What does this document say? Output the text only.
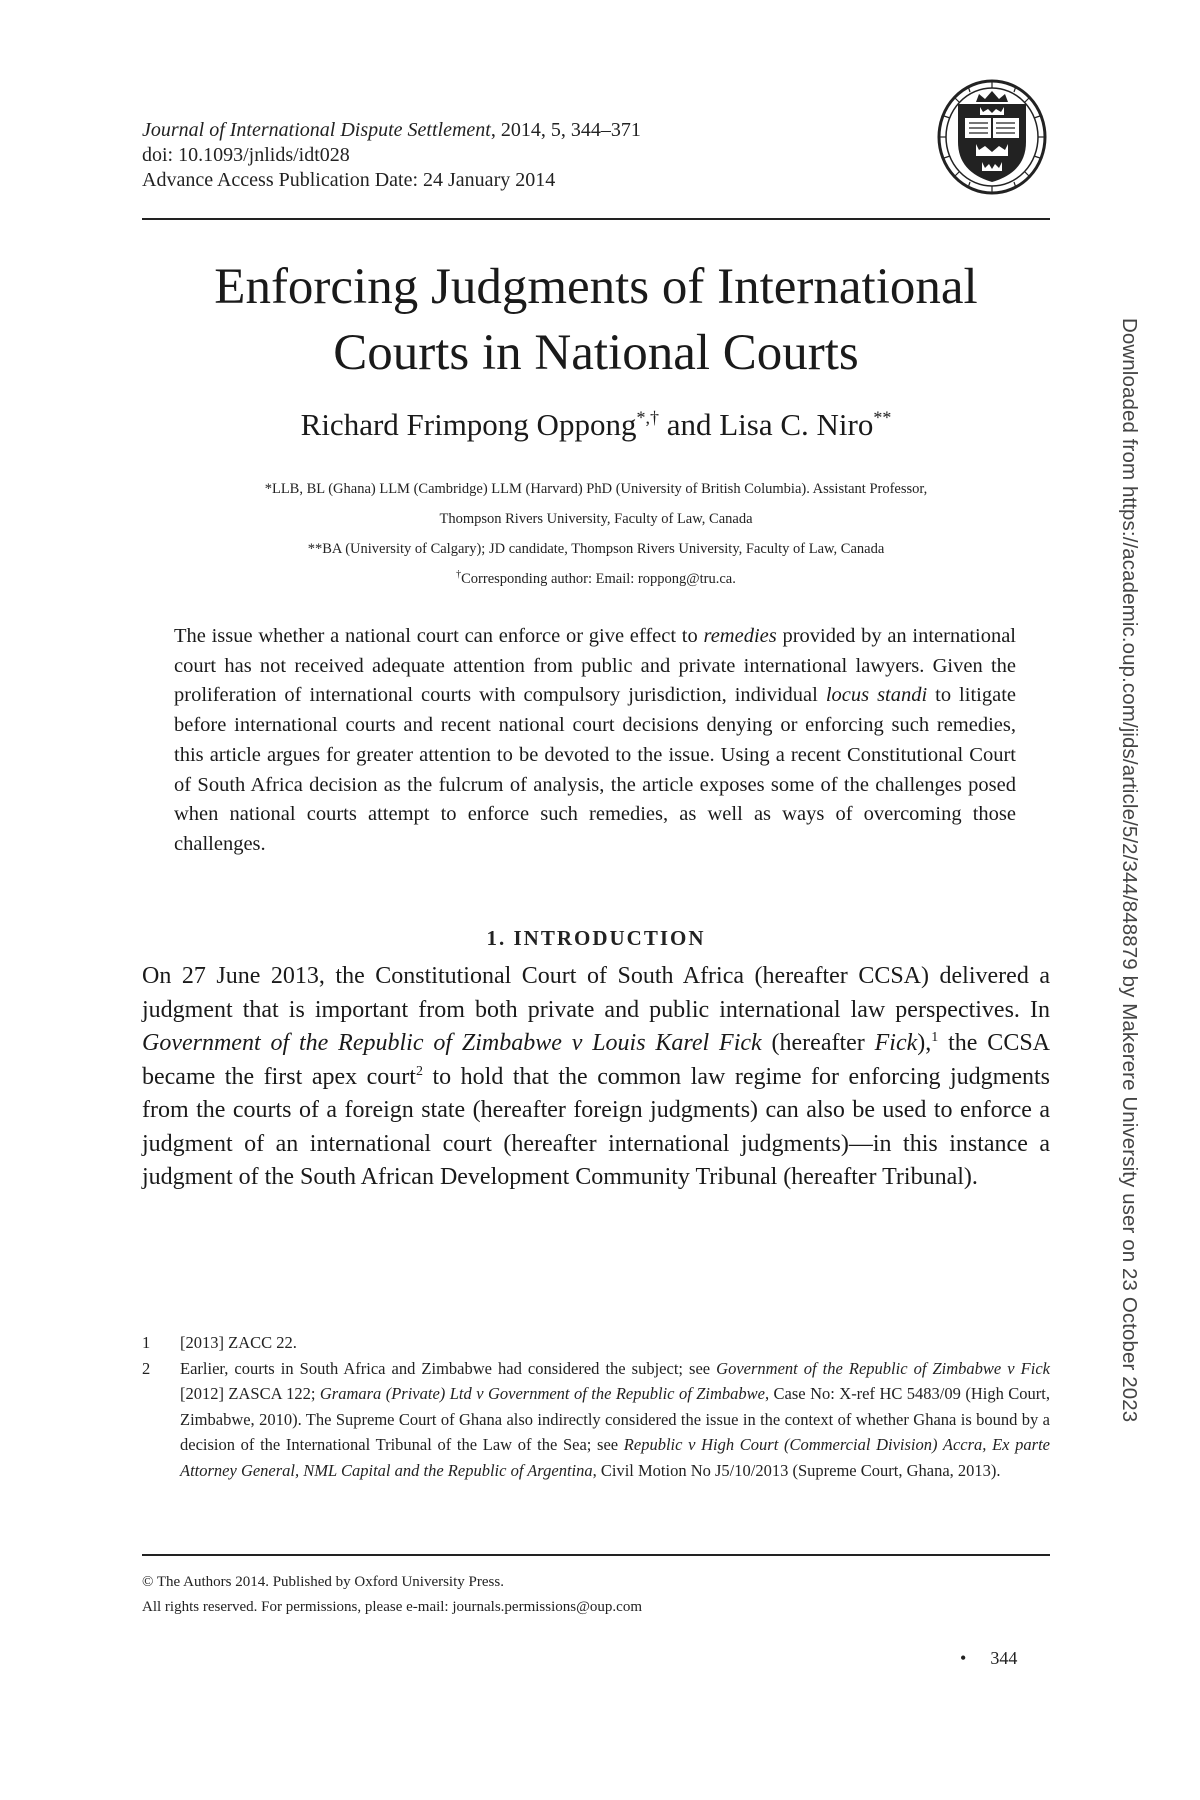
Journal of International Dispute Settlement, 2014, 5, 344–371
doi: 10.1093/jnlids/idt028
Advance Access Publication Date: 24 January 2014
Enforcing Judgments of International
Courts in National Courts
Richard Frimpong Oppong*,† and Lisa C. Niro**
*LLB, BL (Ghana) LLM (Cambridge) LLM (Harvard) PhD (University of British Columbia). Assistant Professor,
Thompson Rivers University, Faculty of Law, Canada
**BA (University of Calgary); JD candidate, Thompson Rivers University, Faculty of Law, Canada
†Corresponding author: Email: roppong@tru.ca.
The issue whether a national court can enforce or give effect to remedies provided by an international court has not received adequate attention from public and private international lawyers. Given the proliferation of international courts with compulsory jurisdiction, individual locus standi to litigate before international courts and recent national court decisions denying or enforcing such remedies, this article argues for greater attention to be devoted to the issue. Using a recent Constitutional Court of South Africa decision as the fulcrum of analysis, the article exposes some of the challenges posed when national courts attempt to enforce such remedies, as well as ways of overcoming those challenges.
1. INTRODUCTION
On 27 June 2013, the Constitutional Court of South Africa (hereafter CCSA) delivered a judgment that is important from both private and public international law perspectives. In Government of the Republic of Zimbabwe v Louis Karel Fick (hereafter Fick),$^1$ the CCSA became the first apex court$^2$ to hold that the common law regime for enforcing judgments from the courts of a foreign state (hereafter foreign judgments) can also be used to enforce a judgment of an international court (hereafter international judgments)—in this instance a judgment of the South African Development Community Tribunal (hereafter Tribunal).
1	[2013] ZACC 22.
2	Earlier, courts in South Africa and Zimbabwe had considered the subject; see Government of the Republic of Zimbabwe v Fick [2012] ZASCA 122; Gramara (Private) Ltd v Government of the Republic of Zimbabwe, Case No: X-ref HC 5483/09 (High Court, Zimbabwe, 2010). The Supreme Court of Ghana also indirectly considered the issue in the context of whether Ghana is bound by a decision of the International Tribunal of the Law of the Sea; see Republic v High Court (Commercial Division) Accra, Ex parte Attorney General, NML Capital and the Republic of Argentina, Civil Motion No J5/10/2013 (Supreme Court, Ghana, 2013).
© The Authors 2014. Published by Oxford University Press.
All rights reserved. For permissions, please e-mail: journals.permissions@oup.com
• 344
Downloaded from https://academic.oup.com/jids/article/5/2/344/848879 by Makerere University user on 23 October 2023
